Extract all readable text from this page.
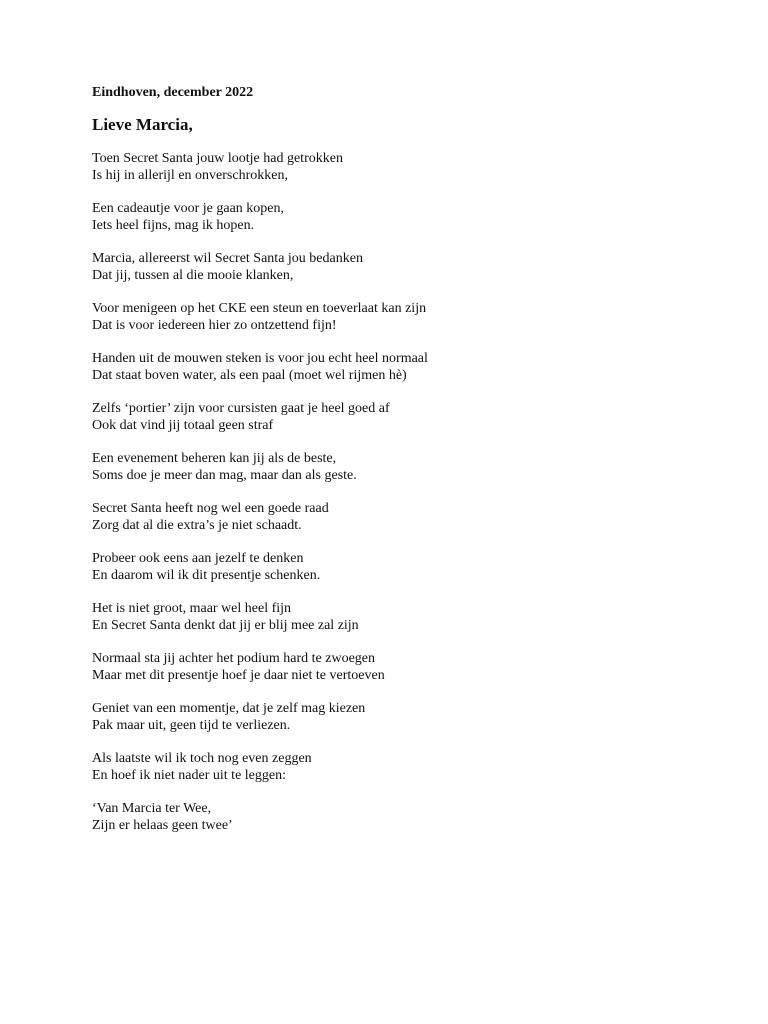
Eindhoven, december 2022
Lieve Marcia,
Toen Secret Santa jouw lootje had getrokken
Is hij in allerijl en onverschrokken,
Een cadeautje voor je gaan kopen,
Iets heel fijns, mag ik hopen.
Marcia, allereerst wil Secret Santa jou bedanken
Dat jij, tussen al die mooie klanken,
Voor menigeen op het CKE een steun en toeverlaat kan zijn
Dat is voor iedereen hier zo ontzettend fijn!
Handen uit de mouwen steken is voor jou echt heel normaal
Dat staat boven water, als een paal (moet wel rijmen hè)
Zelfs ‘portier’ zijn voor cursisten gaat je heel goed af
Ook dat vind jij totaal geen straf
Een evenement beheren kan jij als de beste,
Soms doe je meer dan mag, maar dan als geste.
Secret Santa heeft nog wel een goede raad
Zorg dat al die extra’s je niet schaadt.
Probeer ook eens aan jezelf te denken
En daarom wil ik dit presentje schenken.
Het is niet groot, maar wel heel fijn
En Secret Santa denkt dat jij er blij mee zal zijn
Normaal sta jij achter het podium hard te zwoegen
Maar met dit presentje hoef je daar niet te vertoeven
Geniet van een momentje, dat je zelf mag kiezen
Pak maar uit, geen tijd te verliezen.
Als laatste wil ik toch nog even zeggen
En hoef ik niet nader uit te leggen:
‘Van Marcia ter Wee,
Zijn er helaas geen twee’
